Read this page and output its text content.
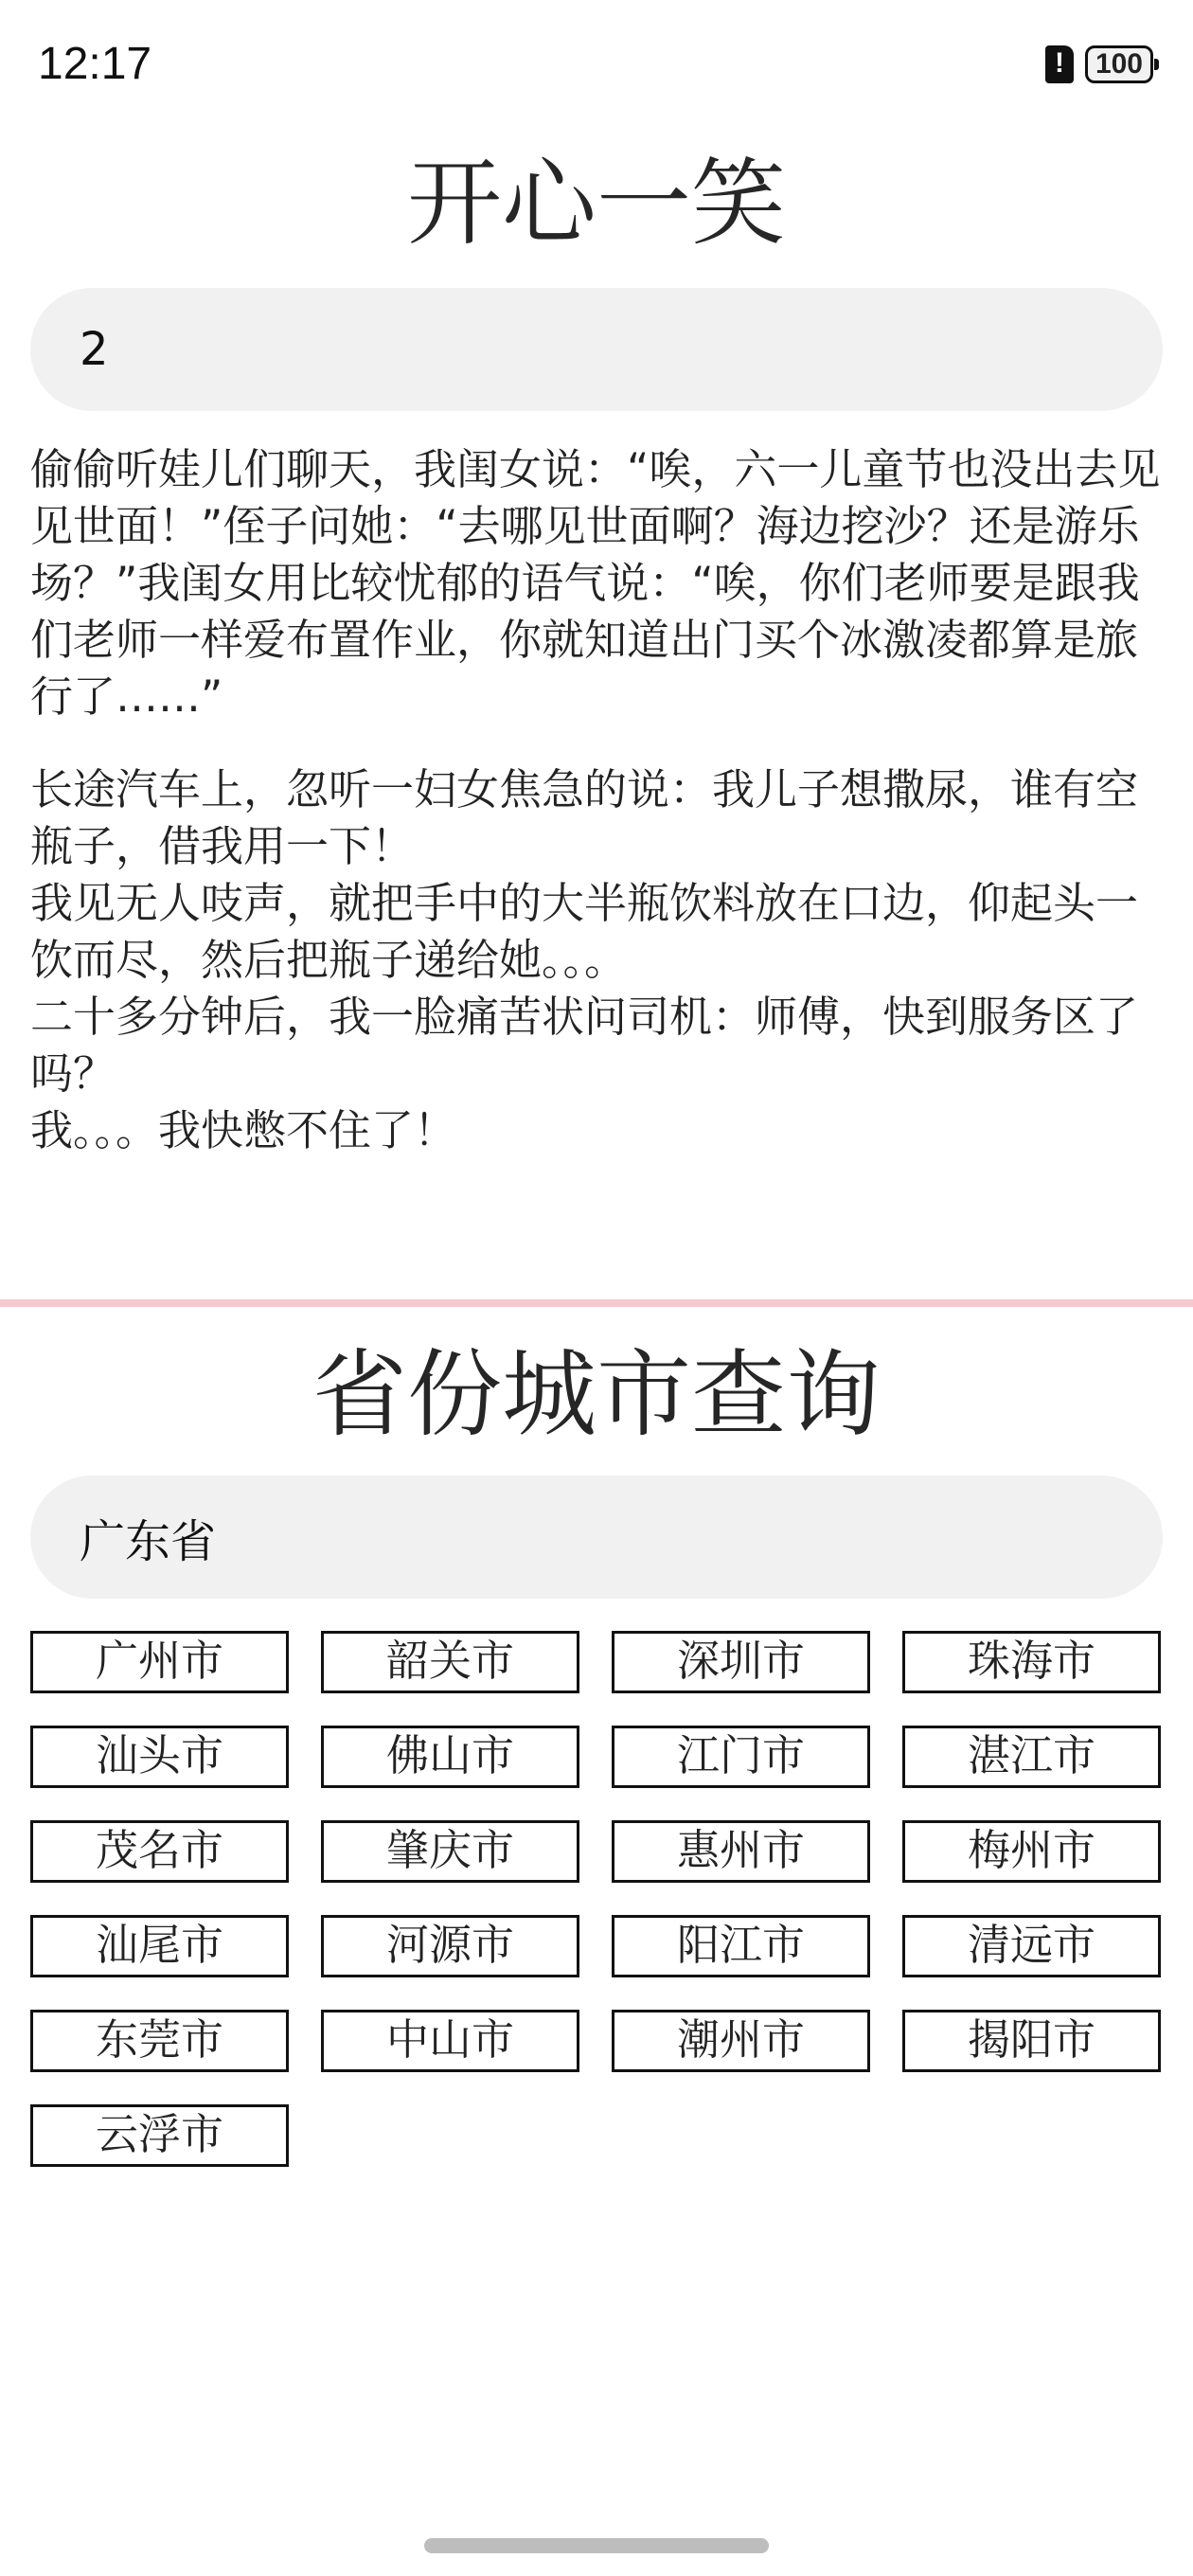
12:17
!	100
开心一笑
2
偷偷听娃儿们聊天，我闺女说：“唉，六一儿童节也没出去见见世面！”侄子问她：“去哪见世面啊？海边挖沙？还是游乐场？”我闺女用比较忧郁的语气说：“唉，你们老师要是跟我们老师一样爱布置作业，你就知道出门买个冰激凌都算是旅行了……”
长途汽车上，忽听一妇女焦急的说：我儿子想撒尿，谁有空瓶子，借我用一下！
我见无人吱声，就把手中的大半瓶饮料放在口边，仰起头一饮而尽，然后把瓶子递给她。。。
二十多分钟后，我一脸痛苦状问司机：师傅，快到服务区了吗？
我。。。我快憋不住了！
省份城市查询
广东省
广州市	韶关市	深圳市	珠海市
汕头市	佛山市	江门市	湛江市
茂名市	肇庆市	惠州市	梅州市
汕尾市	河源市	阳江市	清远市
东莞市	中山市	潮州市	揭阳市
云浮市
